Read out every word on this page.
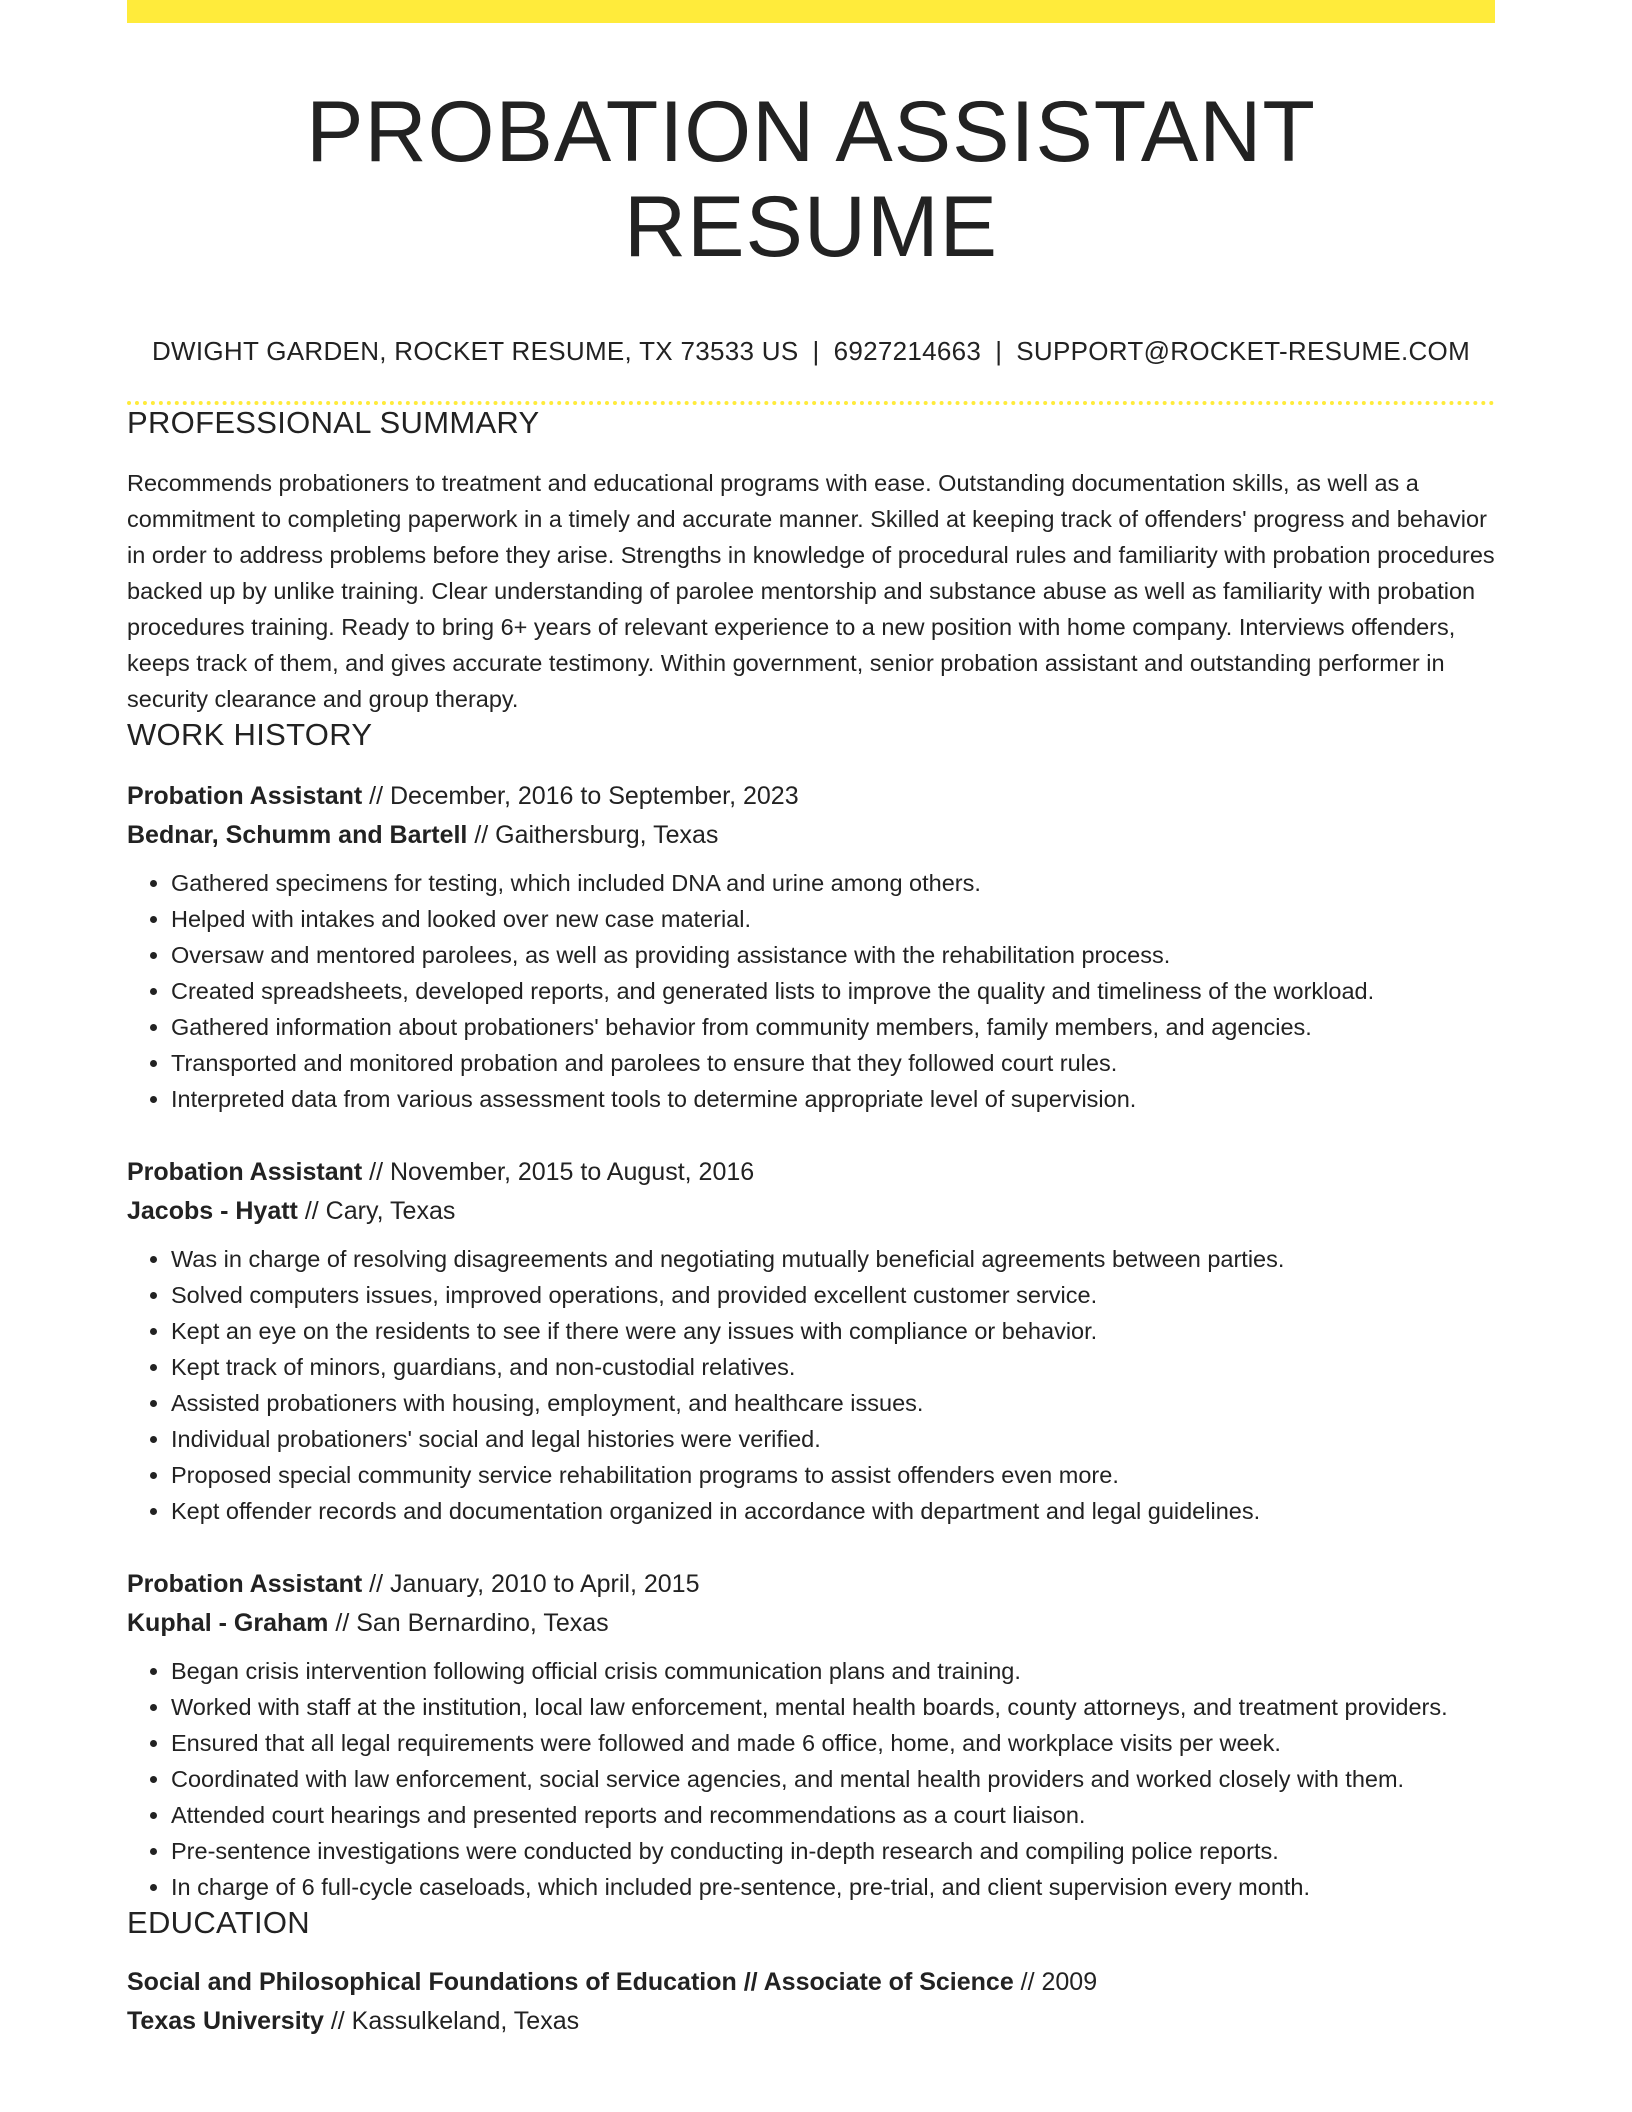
PROBATION ASSISTANT RESUME
DWIGHT GARDEN, ROCKET RESUME, TX 73533 US | 6927214663 | SUPPORT@ROCKET-RESUME.COM
PROFESSIONAL SUMMARY

Recommends probationers to treatment and educational programs with ease. Outstanding documentation skills, as well as a commitment to completing paperwork in a timely and accurate manner. Skilled at keeping track of offenders' progress and behavior in order to address problems before they arise. Strengths in knowledge of procedural rules and familiarity with probation procedures backed up by unlike training. Clear understanding of parolee mentorship and substance abuse as well as familiarity with probation procedures training. Ready to bring 6+ years of relevant experience to a new position with home company. Interviews offenders, keeps track of them, and gives accurate testimony. Within government, senior probation assistant and outstanding performer in security clearance and group therapy.

WORK HISTORY
Probation Assistant // December, 2016 to September, 2023
Bednar, Schumm and Bartell // Gaithersburg, Texas
• Gathered specimens for testing, which included DNA and urine among others.
• Helped with intakes and looked over new case material.
• Oversaw and mentored parolees, as well as providing assistance with the rehabilitation process.
• Created spreadsheets, developed reports, and generated lists to improve the quality and timeliness of the workload.
• Gathered information about probationers' behavior from community members, family members, and agencies.
• Transported and monitored probation and parolees to ensure that they followed court rules.
• Interpreted data from various assessment tools to determine appropriate level of supervision.
Probation Assistant // November, 2015 to August, 2016
Jacobs - Hyatt // Cary, Texas
• Was in charge of resolving disagreements and negotiating mutually beneficial agreements between parties.
• Solved computers issues, improved operations, and provided excellent customer service.
• Kept an eye on the residents to see if there were any issues with compliance or behavior.
• Kept track of minors, guardians, and non-custodial relatives.
• Assisted probationers with housing, employment, and healthcare issues.
• Individual probationers' social and legal histories were verified.
• Proposed special community service rehabilitation programs to assist offenders even more.
• Kept offender records and documentation organized in accordance with department and legal guidelines.
Probation Assistant // January, 2010 to April, 2015
Kuphal - Graham // San Bernardino, Texas
• Began crisis intervention following official crisis communication plans and training.
• Worked with staff at the institution, local law enforcement, mental health boards, county attorneys, and treatment providers.
• Ensured that all legal requirements were followed and made 6 office, home, and workplace visits per week.
• Coordinated with law enforcement, social service agencies, and mental health providers and worked closely with them.
• Attended court hearings and presented reports and recommendations as a court liaison.
• Pre-sentence investigations were conducted by conducting in-depth research and compiling police reports.
• In charge of 6 full-cycle caseloads, which included pre-sentence, pre-trial, and client supervision every month.
EDUCATION
Social and Philosophical Foundations of Education // Associate of Science // 2009
Texas University // Kassulkeland, Texas
